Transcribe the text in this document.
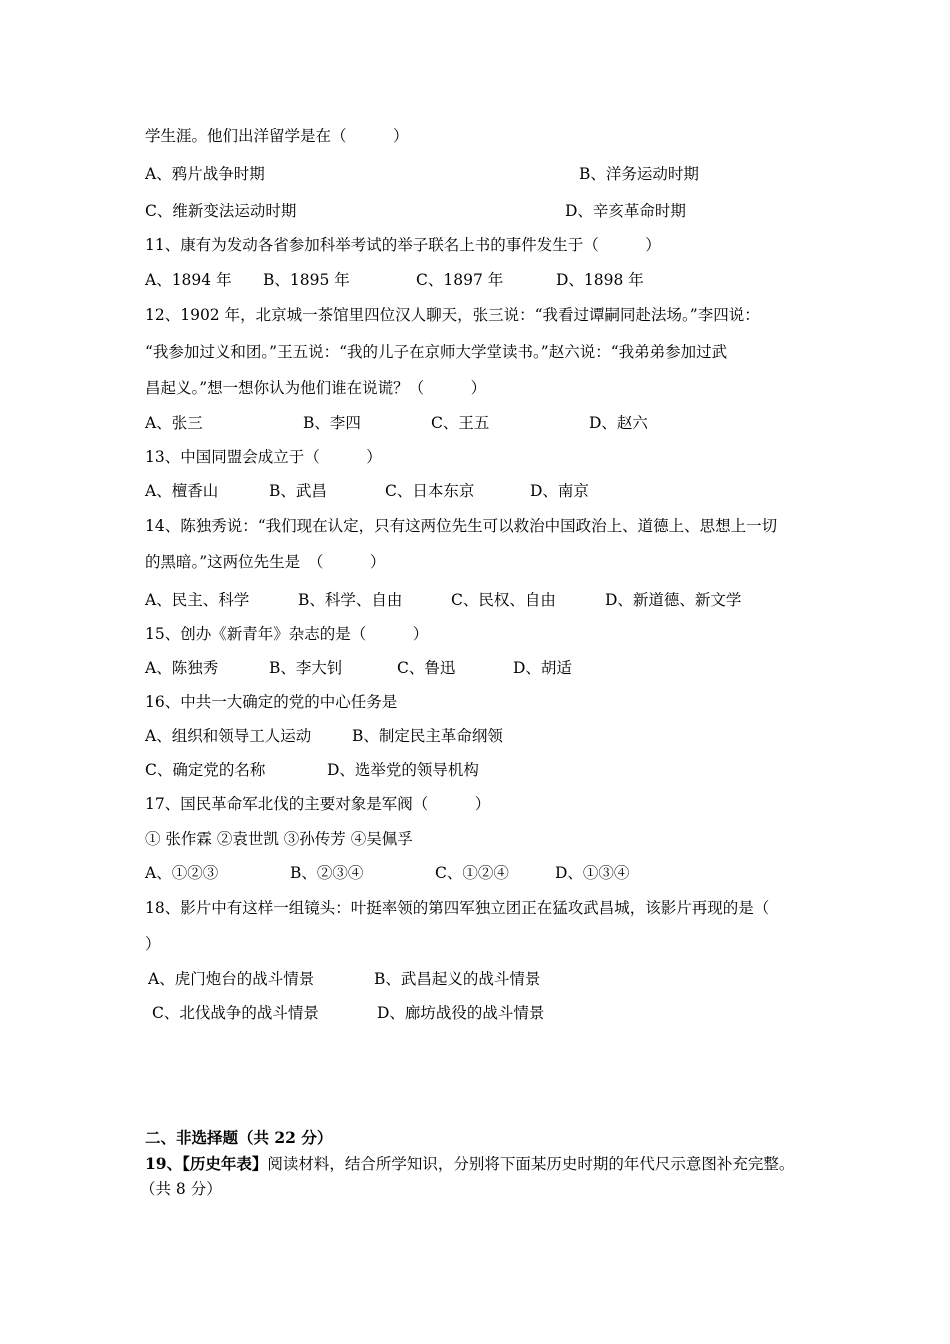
学生涯。他们出洋留学是在（　　　）
A、鸦片战争时期	B、洋务运动时期
C、维新变法运动时期	D、辛亥革命时期
11、康有为发动各省参加科举考试的举子联名上书的事件发生于（　　　）
A、1894 年 B、1895 年	C、1897 年	D、1898 年
12、1902 年，北京城一茶馆里四位汉人聊天，张三说：“我看过谭嗣同赴法场。”李四说：
“我参加过义和团。”王五说：“我的儿子在京师大学堂读书。”赵六说：“我弟弟参加过武
昌起义。”想一想你认为他们谁在说谎？（　　　）
A、张三	B、李四	C、王五	D、赵六
13、中国同盟会成立于（　　　）
A、檀香山	B、武昌	C、日本东京	D、南京
14、陈独秀说：“我们现在认定，只有这两位先生可以救治中国政治上、道德上、思想上一切
的黑暗。”这两位先生是　（　　　）
A、民主、科学	B、科学、自由	C、民权、自由	D、新道德、新文学
15、创办《新青年》杂志的是（　　　）
A、陈独秀	B、李大钊	C、鲁迅	D、胡适
16、中共一大确定的党的中心任务是
A、组织和领导工人运动	B、制定民主革命纲领
C、确定党的名称	D、选举党的领导机构
17、国民革命军北伐的主要对象是军阀（　　　）
① 张作霖 ②袁世凯 ③孙传芳 ④吴佩孚
A、①②③	B、②③④	C、①②④	D、①③④
18、影片中有这样一组镜头：叶挺率领的第四军独立团正在猛攻武昌城，该影片再现的是（
）
A、虎门炮台的战斗情景	B、武昌起义的战斗情景
C、北伐战争的战斗情景	D、廊坊战役的战斗情景
二、非选择题（共 22 分）
19、【历史年表】阅读材料，结合所学知识，分别将下面某历史时期的年代尺示意图补充完整。
（共 8 分）
